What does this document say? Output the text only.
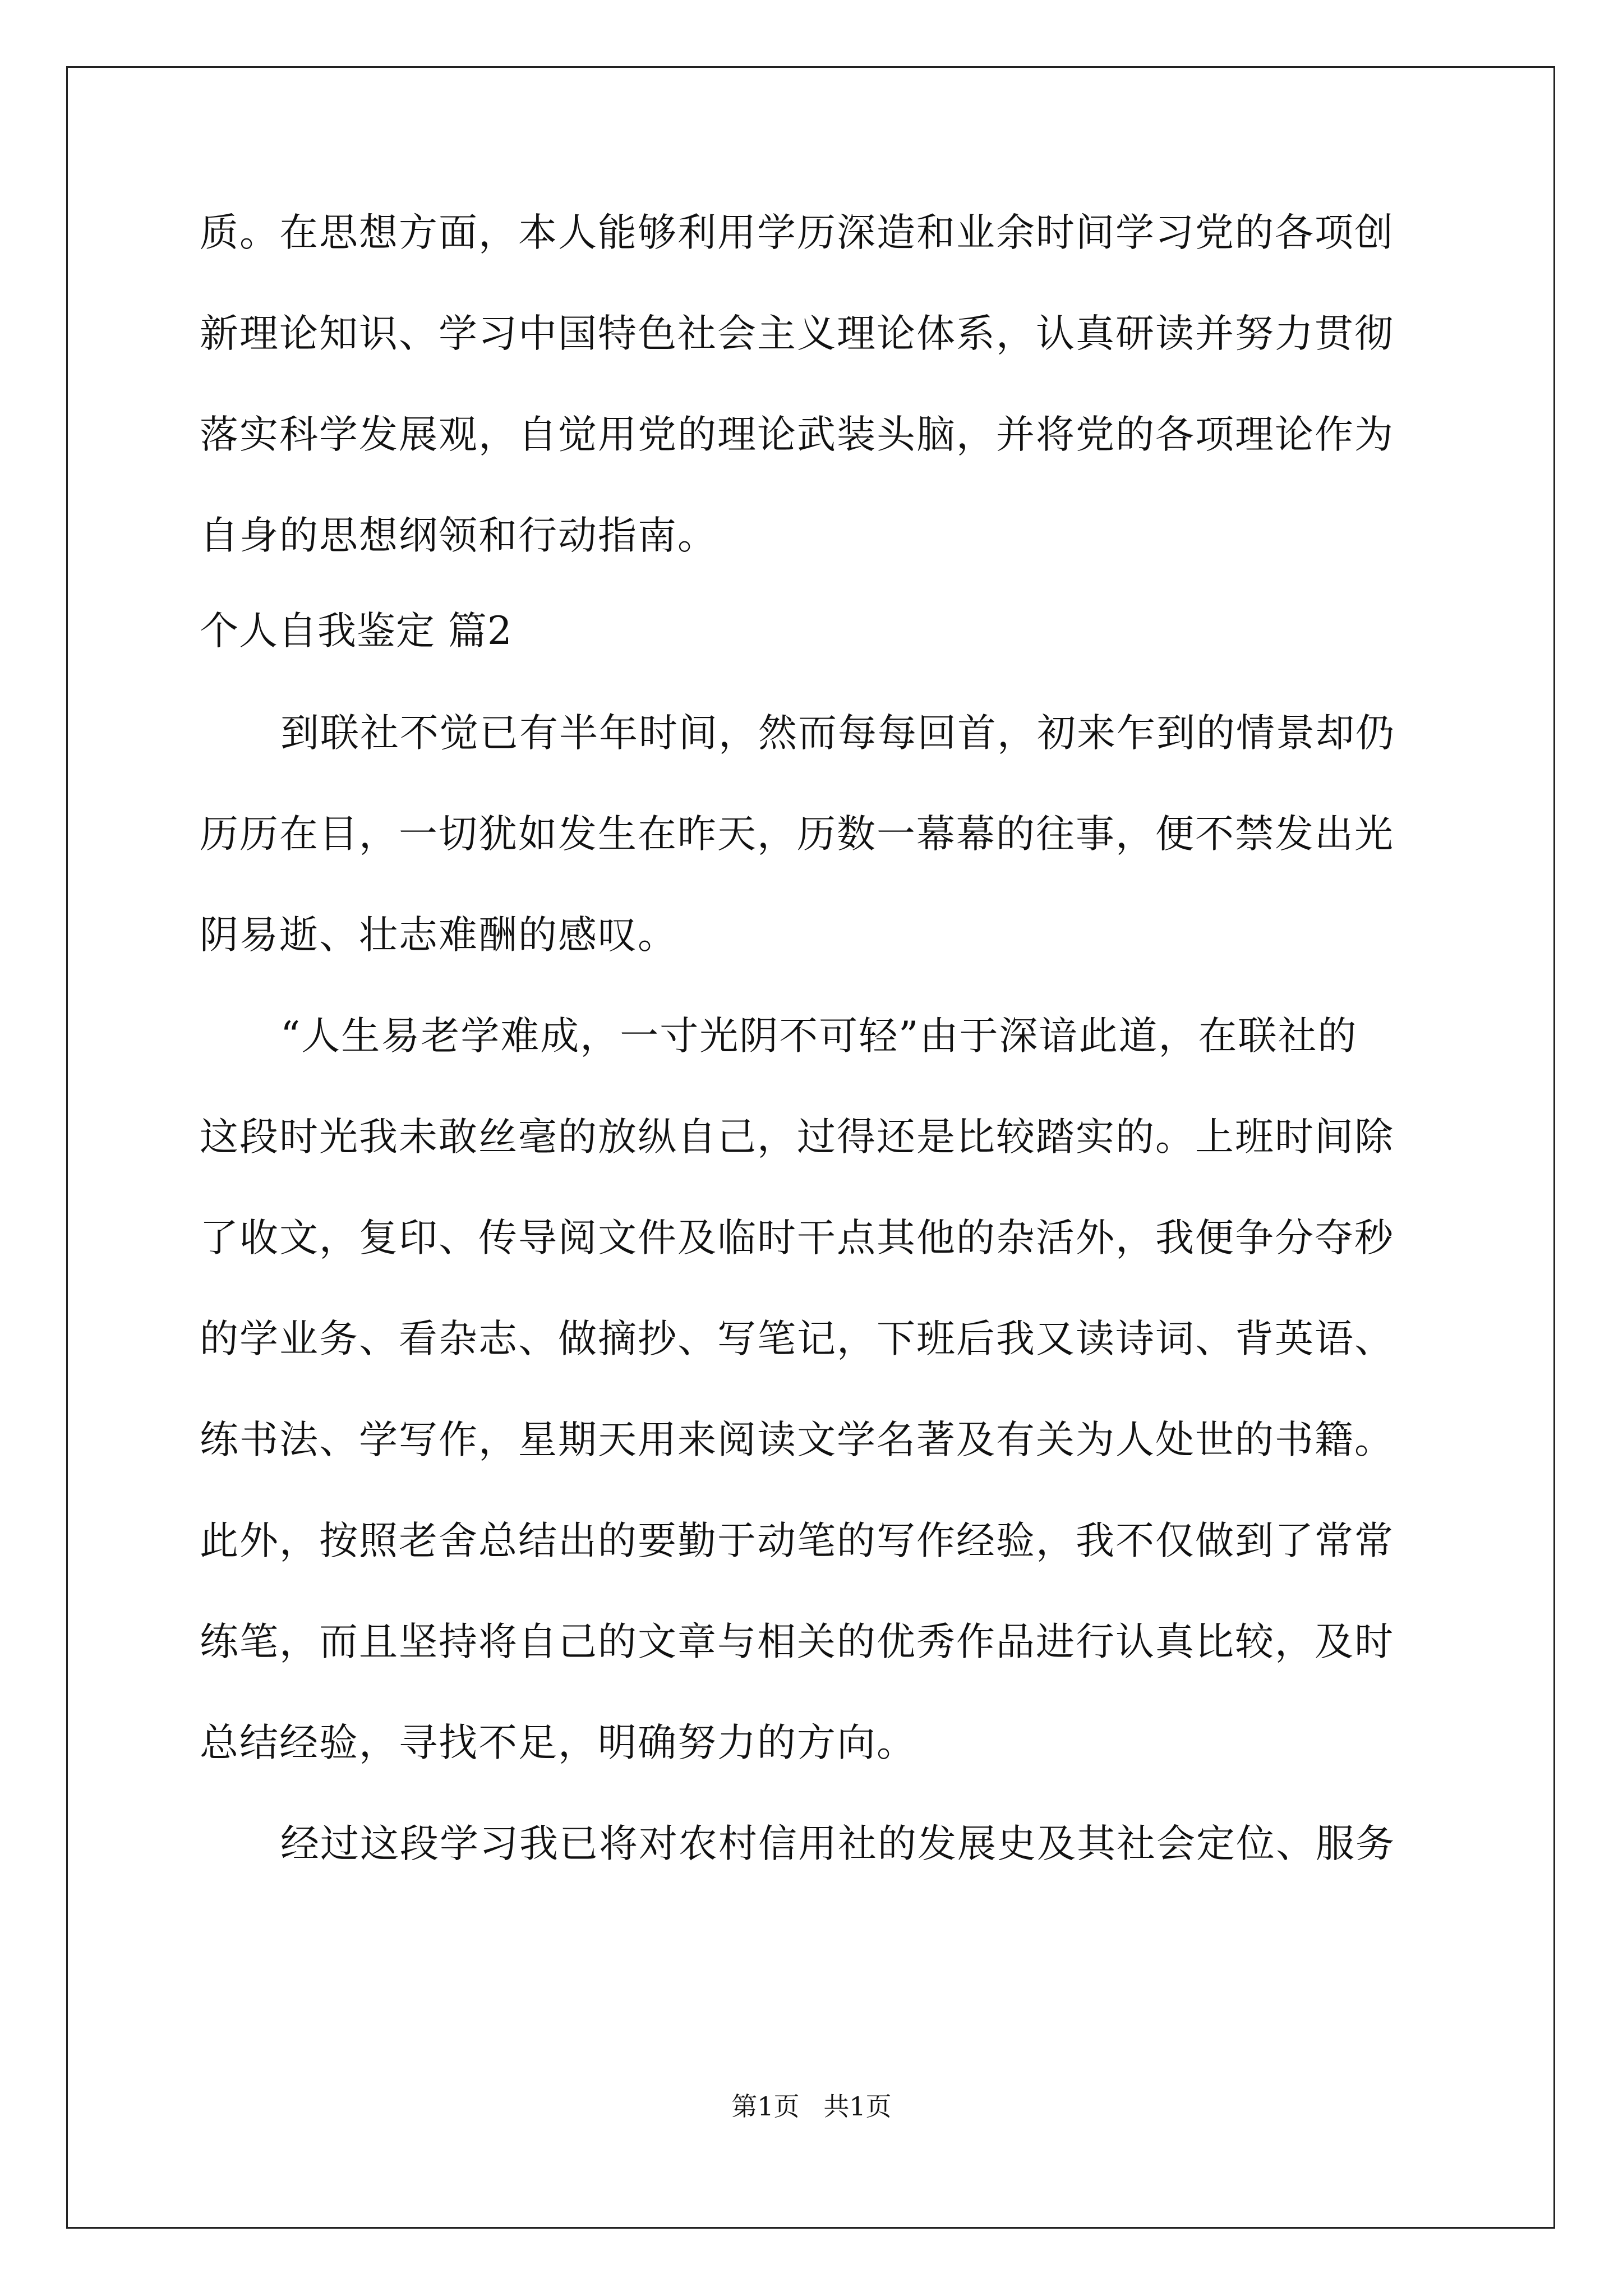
质。在思想方面，本人能够利用学历深造和业余时间学习党的各项创
新理论知识、学习中国特色社会主义理论体系，认真研读并努力贯彻
落实科学发展观，自觉用党的理论武装头脑，并将党的各项理论作为
自身的思想纲领和行动指南。
个人自我鉴定 篇2
到联社不觉已有半年时间，然而每每回首，初来乍到的情景却仍
历历在目，一切犹如发生在昨天，历数一幕幕的往事，便不禁发出光
阴易逝、壮志难酬的感叹。
“人生易老学难成，一寸光阴不可轻”由于深谙此道，在联社的
这段时光我未敢丝毫的放纵自己，过得还是比较踏实的。上班时间除
了收文，复印、传导阅文件及临时干点其他的杂活外，我便争分夺秒
的学业务、看杂志、做摘抄、写笔记，下班后我又读诗词、背英语、
练书法、学写作，星期天用来阅读文学名著及有关为人处世的书籍。
此外，按照老舍总结出的要勤于动笔的写作经验，我不仅做到了常常
练笔，而且坚持将自己的文章与相关的优秀作品进行认真比较，及时
总结经验，寻找不足，明确努力的方向。
经过这段学习我已将对农村信用社的发展史及其社会定位、服务
第1页 共1页
